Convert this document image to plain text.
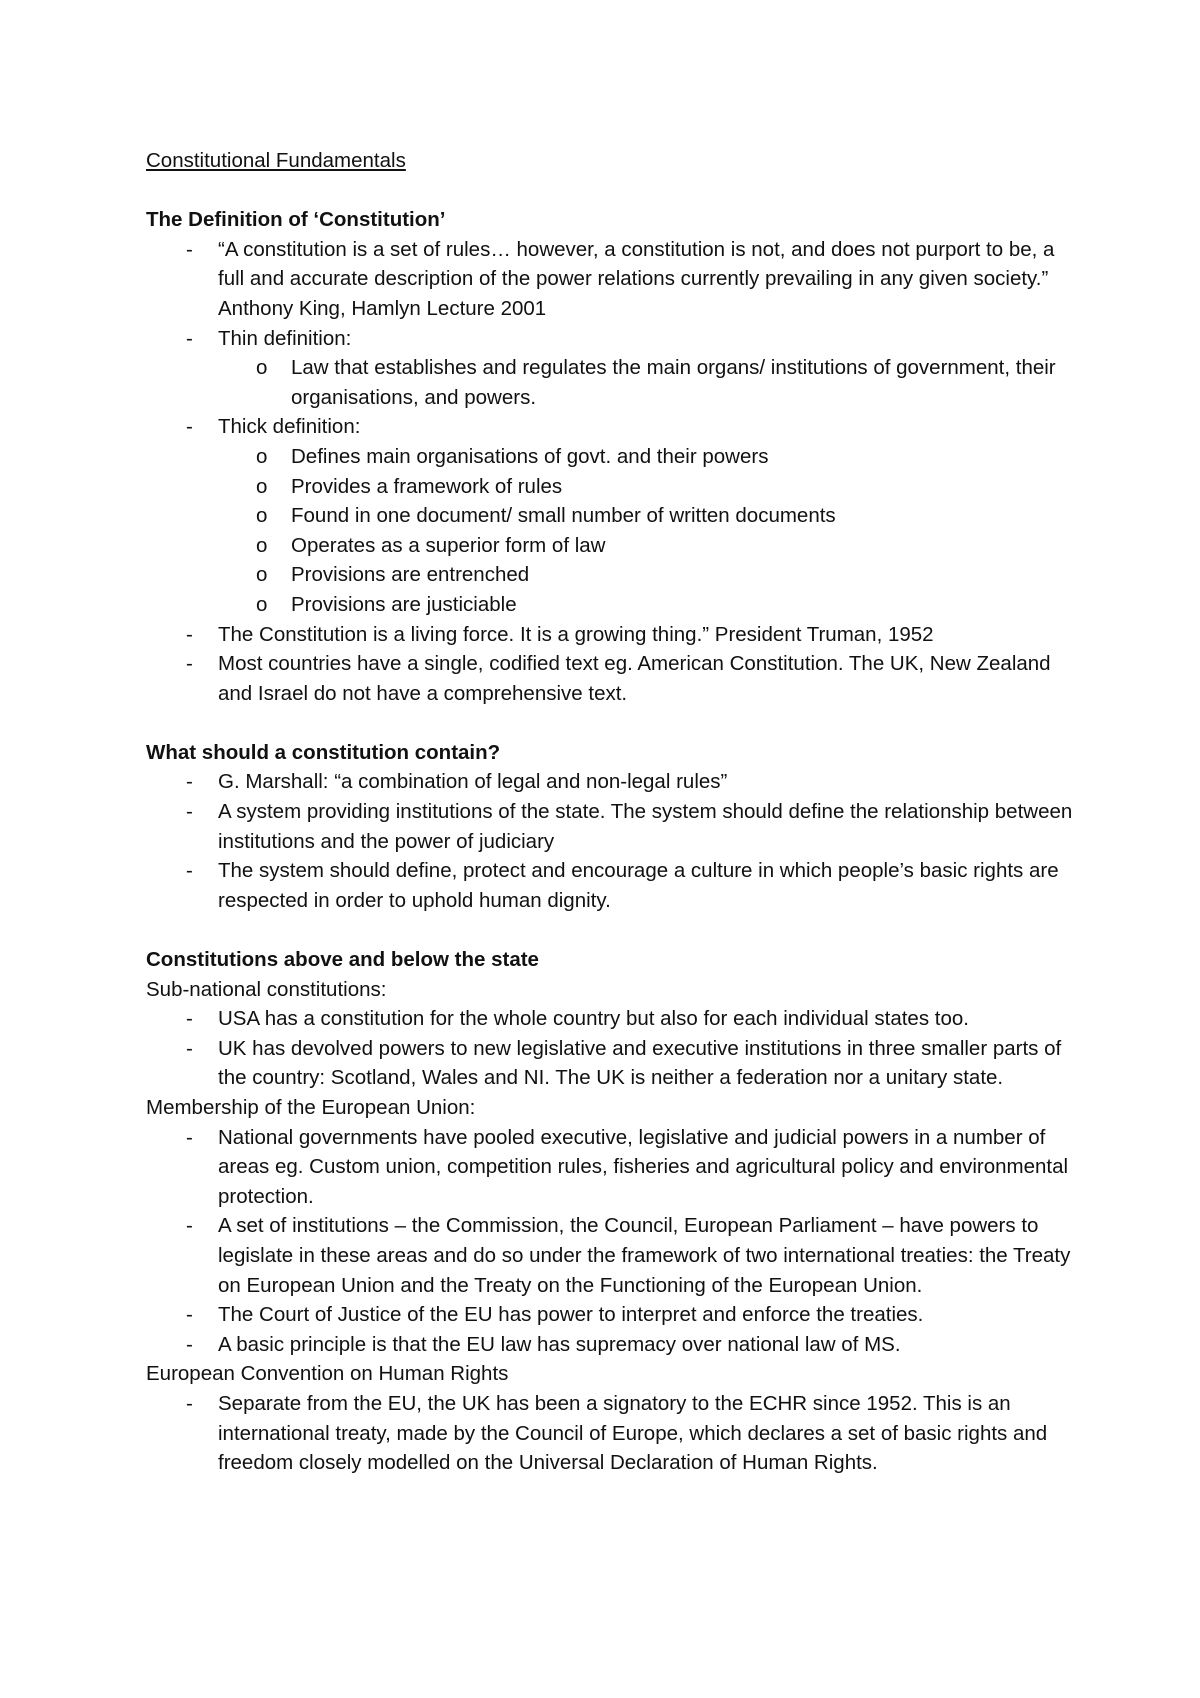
Constitutional Fundamentals
The Definition of ‘Constitution’
- “A constitution is a set of rules… however, a constitution is not, and does not purport to be, a full and accurate description of the power relations currently prevailing in any given society.” Anthony King, Hamlyn Lecture 2001
- Thin definition:
o Law that establishes and regulates the main organs/ institutions of government, their organisations, and powers.
- Thick definition:
o Defines main organisations of govt. and their powers
o Provides a framework of rules
o Found in one document/ small number of written documents
o Operates as a superior form of law
o Provisions are entrenched
o Provisions are justiciable
- The Constitution is a living force. It is a growing thing.” President Truman, 1952
- Most countries have a single, codified text eg. American Constitution. The UK, New Zealand and Israel do not have a comprehensive text.
What should a constitution contain?
- G. Marshall: “a combination of legal and non-legal rules”
- A system providing institutions of the state. The system should define the relationship between institutions and the power of judiciary
- The system should define, protect and encourage a culture in which people’s basic rights are respected in order to uphold human dignity.
Constitutions above and below the state

Sub-national constitutions:

- USA has a constitution for the whole country but also for each individual states too.
- UK has devolved powers to new legislative and executive institutions in three smaller parts of the country: Scotland, Wales and NI. The UK is neither a federation nor a unitary state.

Membership of the European Union:

- National governments have pooled executive, legislative and judicial powers in a number of areas eg. Custom union, competition rules, fisheries and agricultural policy and environmental protection.
- A set of institutions – the Commission, the Council, European Parliament – have powers to legislate in these areas and do so under the framework of two international treaties: the Treaty on European Union and the Treaty on the Functioning of the European Union.
- The Court of Justice of the EU has power to interpret and enforce the treaties.
- A basic principle is that the EU law has supremacy over national law of MS.

European Convention on Human Rights

- Separate from the EU, the UK has been a signatory to the ECHR since 1952. This is an international treaty, made by the Council of Europe, which declares a set of basic rights and freedom closely modelled on the Universal Declaration of Human Rights.
